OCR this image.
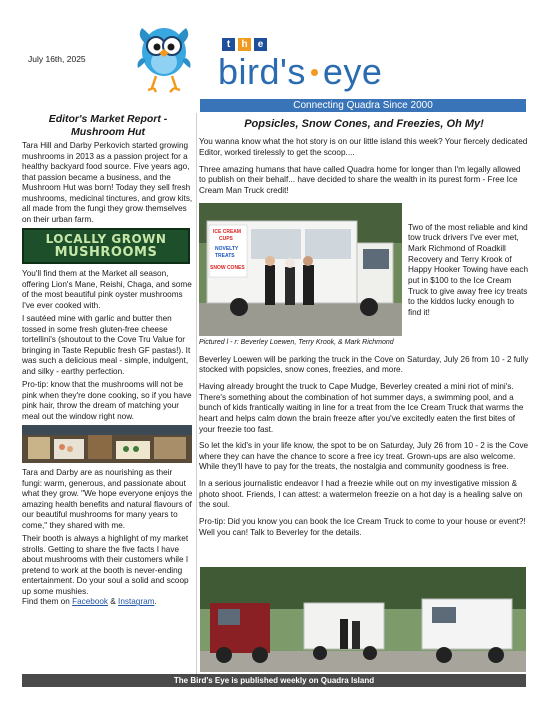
July 16th, 2025
t	h	e
bird's eye
Connecting Quadra Since 2000
Editor's Market Report - Mushroom Hut

Tara Hill and Darby Perkovich started growing mushrooms in 2013 as a passion project for a healthy backyard food source. Five years ago, that passion became a business, and the Mushroom Hut was born! Today they sell fresh mushrooms, medicinal tinctures, and grow kits, all made from the fungi they grow themselves on their urban farm.

LOCALLY GROWN
MUSHROOMS

You'll find them at the Market all season, offering Lion's Mane, Reishi, Chaga, and some of the most beautiful pink oyster mushrooms I've ever cooked with.

I sautéed mine with garlic and butter then tossed in some fresh gluten-free cheese tortellini's (shoutout to the Cove Tru Value for bringing in Taste Republic fresh GF pastas!). It was such a delicious meal - simple, indulgent, and silky - earthy perfection.

Pro-tip: know that the mushrooms will not be pink when they're done cooking, so if you have pink hair, throw the dream of matching your meal out the window right now.

Tara and Darby are as nourishing as their fungi: warm, generous, and passionate about what they grow. "We hope everyone enjoys the amazing health benefits and natural flavours of our beautiful mushrooms for many years to come," they shared with me.

Their booth is always a highlight of my market strolls. Getting to share the five facts I have about mushrooms with their customers while I pretend to work at the booth is never-ending entertainment. Do your soul a solid and scoop up some mushies.
Find them on Facebook & Instagram.

Popsicles, Snow Cones, and Freezies, Oh My!

You wanna know what the hot story is on our little island this week? Your fiercely dedicated Editor, worked tirelessly to get the scoop....

Three amazing humans that have called Quadra home for longer than I'm legally allowed to publish on their behalf... have decided to share the wealth in its purest form - Free Ice Cream Man Truck credit!

ICE CREAM
CUPS
NOVELTY
TREATS
SNOW CONES
Two of the most reliable and kind tow truck drivers I've ever met, Mark Richmond of Roadkill Recovery and Terry Krook of Happy Hooker Towing have each put in $100 to the Ice Cream Truck to give away free icy treats to the kiddos lucky enough to find it!
Pictured l - r: Beverley Loewen, Terry Krook, & Mark Richmond

Beverley Loewen will be parking the truck in the Cove on Saturday, July 26 from 10 - 2 fully stocked with popsicles, snow cones, freezies, and more.

Having already brought the truck to Cape Mudge, Beverley created a mini riot of mini's. There's something about the combination of hot summer days, a swimming pool, and a bunch of kids frantically waiting in line for a treat from the Ice Cream Truck that warms the heart and helps calm down the brain freeze after you've excitedly eaten the first bites of your freezie too fast.

So let the kid's in your life know, the spot to be on Saturday, July 26 from 10 - 2 is the Cove where they can have the chance to score a free icy treat. Grown-ups are also welcome. While they'll have to pay for the treats, the nostalgia and community goodness is free.

In a serious journalistic endeavor I had a freezie while out on my investigative mission & photo shoot. Friends, I can attest: a watermelon freezie on a hot day is a healing salve on the soul.

Pro-tip: Did you know you can book the Ice Cream Truck to come to your house or event?! Well you can! Talk to Beverley for the details.

The Bird's Eye is published weekly on Quadra Island
